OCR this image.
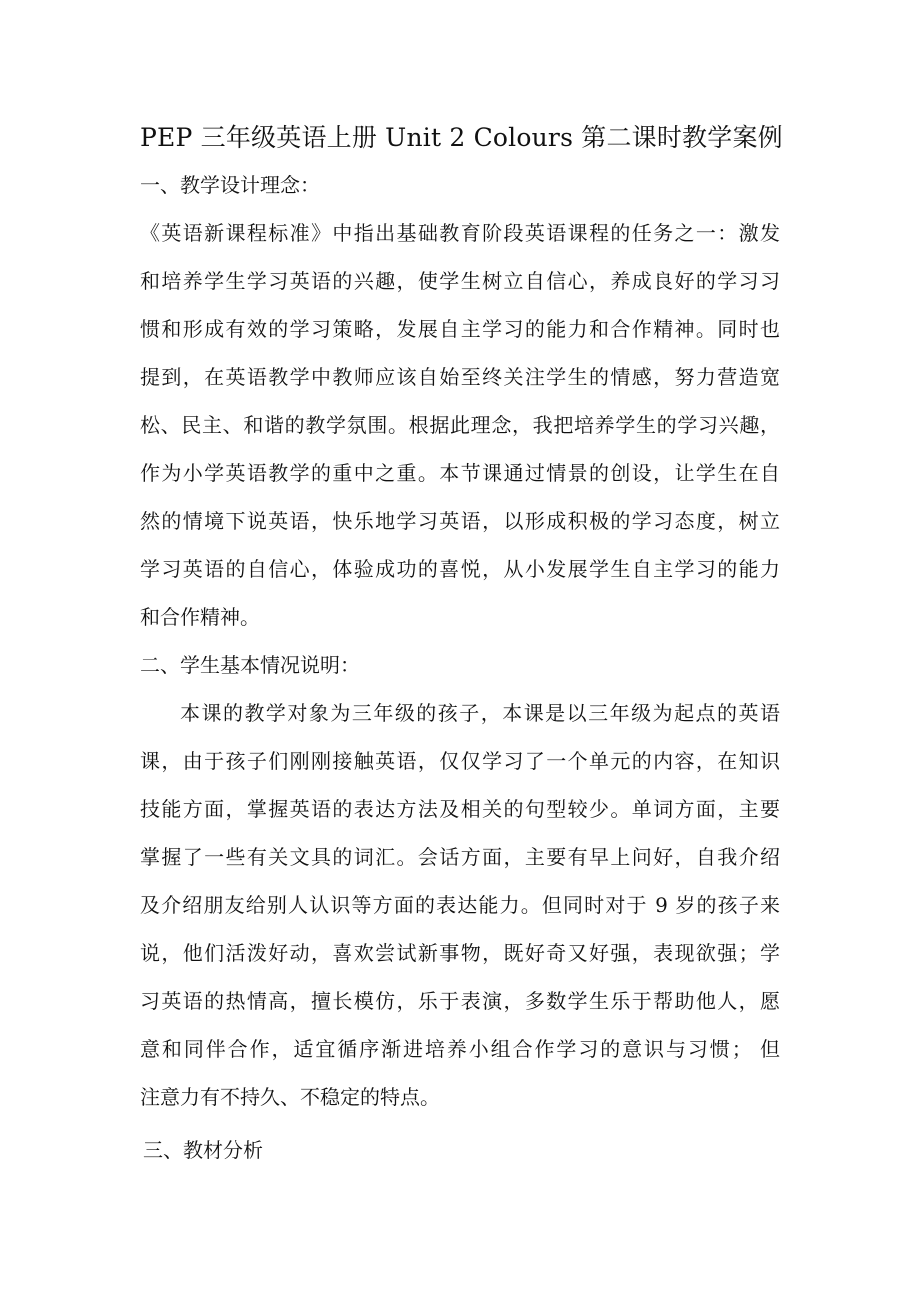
PEP 三年级英语上册 Unit 2 Colours 第二课时教学案例
一、教学设计理念：
《英语新课程标准》中指出基础教育阶段英语课程的任务之一：激发
和培养学生学习英语的兴趣，使学生树立自信心，养成良好的学习习
惯和形成有效的学习策略，发展自主学习的能力和合作精神。同时也
提到，在英语教学中教师应该自始至终关注学生的情感，努力营造宽
松、民主、和谐的教学氛围。根据此理念，我把培养学生的学习兴趣，
作为小学英语教学的重中之重。本节课通过情景的创设，让学生在自
然的情境下说英语，快乐地学习英语，以形成积极的学习态度，树立
学习英语的自信心，体验成功的喜悦，从小发展学生自主学习的能力
和合作精神。
二、学生基本情况说明：
本课的教学对象为三年级的孩子，本课是以三年级为起点的英语
课，由于孩子们刚刚接触英语，仅仅学习了一个单元的内容，在知识
技能方面，掌握英语的表达方法及相关的句型较少。单词方面，主要
掌握了一些有关文具的词汇。会话方面，主要有早上问好，自我介绍
及介绍朋友给别人认识等方面的表达能力。但同时对于 9 岁的孩子来
说，他们活泼好动，喜欢尝试新事物，既好奇又好强，表现欲强；学
习英语的热情高，擅长模仿，乐于表演，多数学生乐于帮助他人，愿
意和同伴合作，适宜循序渐进培养小组合作学习的意识与习惯； 但
注意力有不持久、不稳定的特点。
三、教材分析
